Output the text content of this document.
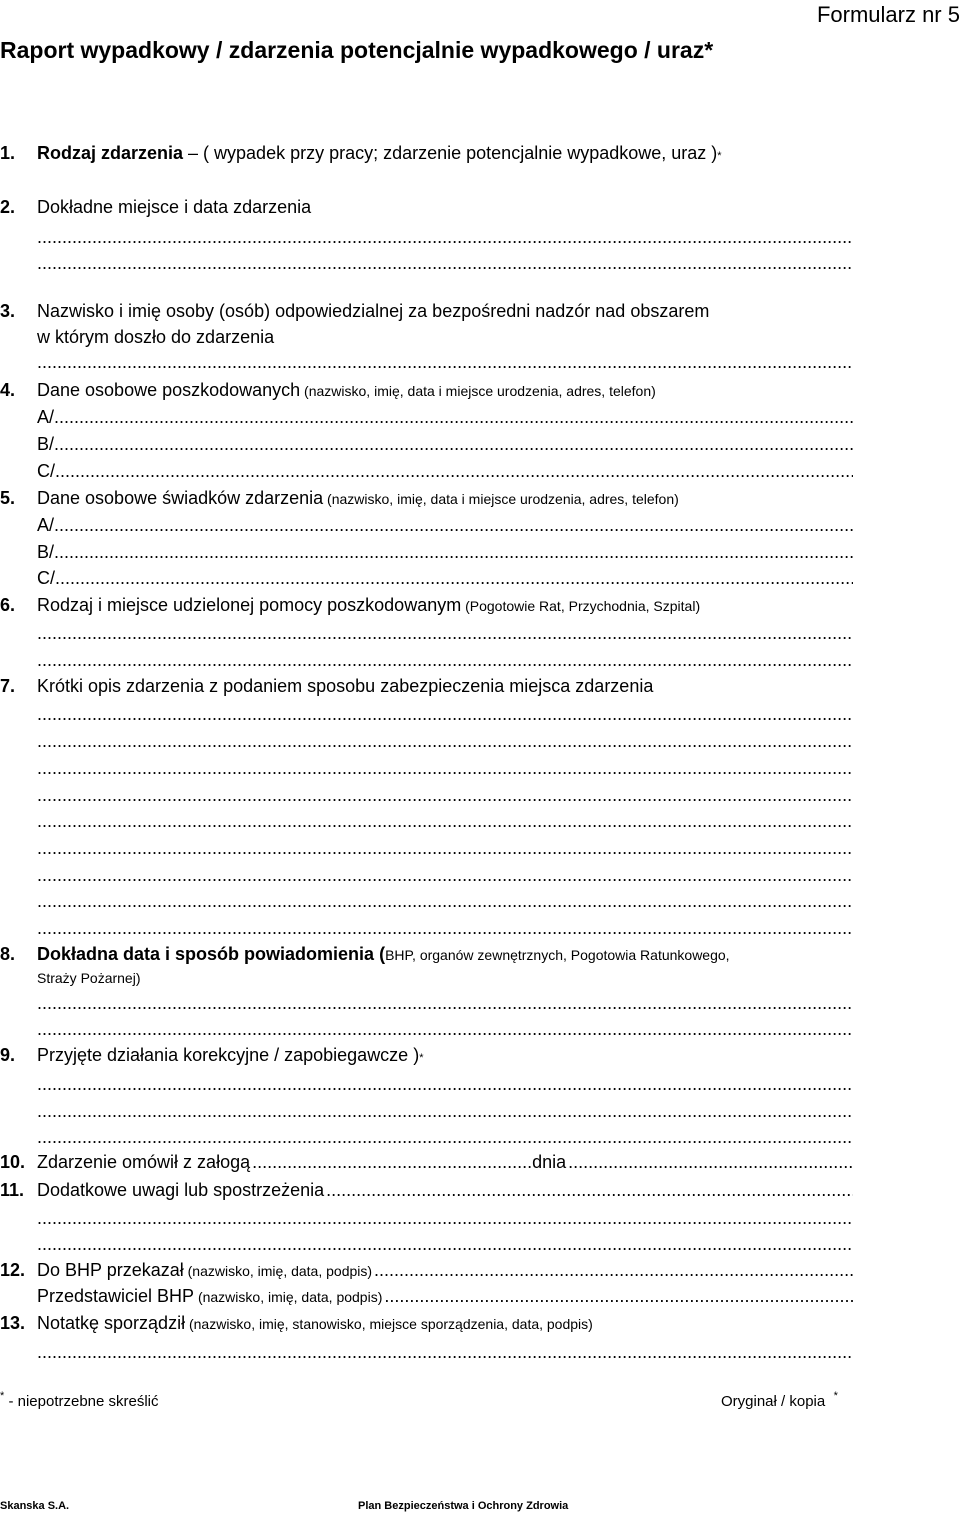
Formularz nr 5
Raport wypadkowy / zdarzenia potencjalnie wypadkowego / uraz*
1. Rodzaj zdarzenia – ( wypadek przy pracy; zdarzenie potencjalnie wypadkowe, uraz ) *
2. Dokładne miejsce i data zdarzenia
.....
.....
3. Nazwisko i imię osoby (osób) odpowiedzialnej za bezpośredni nadzór nad obszarem
w którym doszło do zdarzenia
.....
4. Dane osobowe poszkodowanych (nazwisko, imię, data i miejsce urodzenia, adres, telefon)
A/
.....
B/
.....
C/
.....
5. Dane osobowe świadków zdarzenia (nazwisko, imię, data i miejsce urodzenia, adres, telefon)
A/
.....
B/
.....
C/
.....
6. Rodzaj i miejsce udzielonej pomocy poszkodowanym (Pogotowie Rat, Przychodnia, Szpital)
.....
.....
7. Krótki opis zdarzenia z podaniem sposobu zabezpieczenia miejsca zdarzenia
.....
.....
.....
.....
.....
.....
.....
.....
.....
8. Dokładna data i sposób powiadomienia ( BHP, organów zewnętrznych, Pogotowia Ratunkowego,
Straży Pożarnej)
.....
.....
9. Przyjęte działania korekcyjne / zapobiegawcze ) *
.....
.....
.....
10. Zdarzenie omówił z załogą
.....	dnia
.....
11. Dodatkowe uwagi lub spostrzeżenia
.....
.....
.....
12. Do BHP przekazał (nazwisko, imię, data, podpis)
.....
Przedstawiciel BHP (nazwisko, imię, data, podpis)
.....
13. Notatkę sporządził (nazwisko, imię, stanowisko, miejsce sporządzenia, data, podpis)
.....
* - niepotrzebne skreślić	Oryginał / kopia *
Skanska S.A.	Plan Bezpieczeństwa i Ochrony Zdrowia
